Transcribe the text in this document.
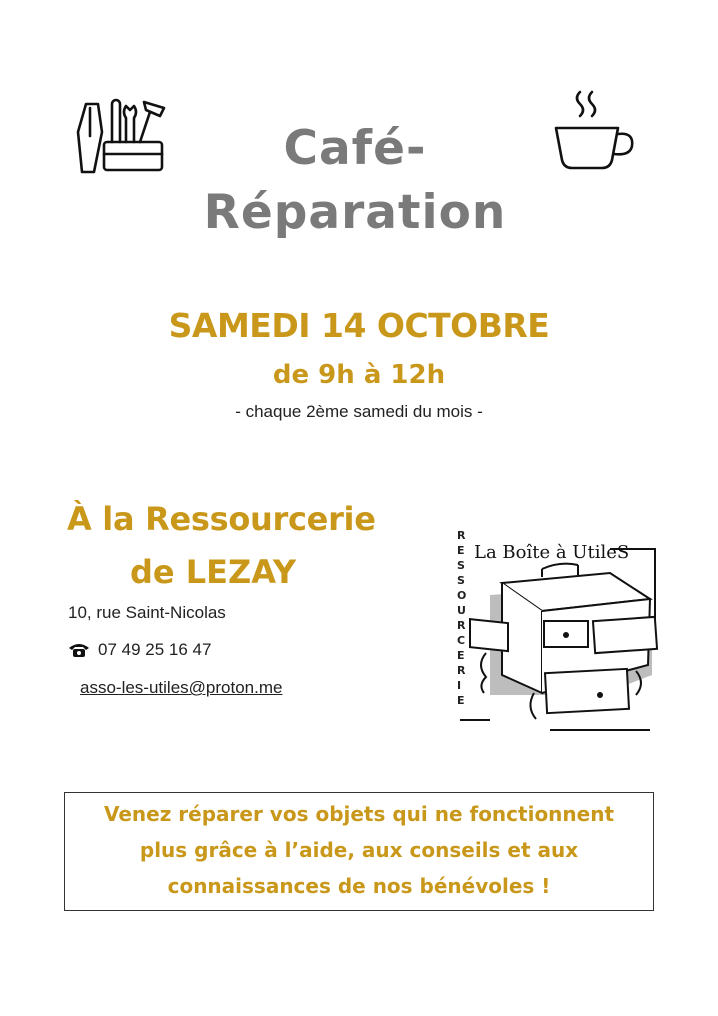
Café-
Réparation
SAMEDI 14 OCTOBRE
de 9h à 12h
- chaque 2ème samedi du mois -
À la Ressourcerie
de LEZAY
10, rue Saint-Nicolas
07 49 25 16 47
asso-les-utiles@proton.me
R
E
S
S
O
U
R
C
E
R
I
E
La Boîte à UtileS

Venez réparer vos objets qui ne fonctionnent

plus grâce à l’aide, aux conseils et aux

connaissances de nos bénévoles !
